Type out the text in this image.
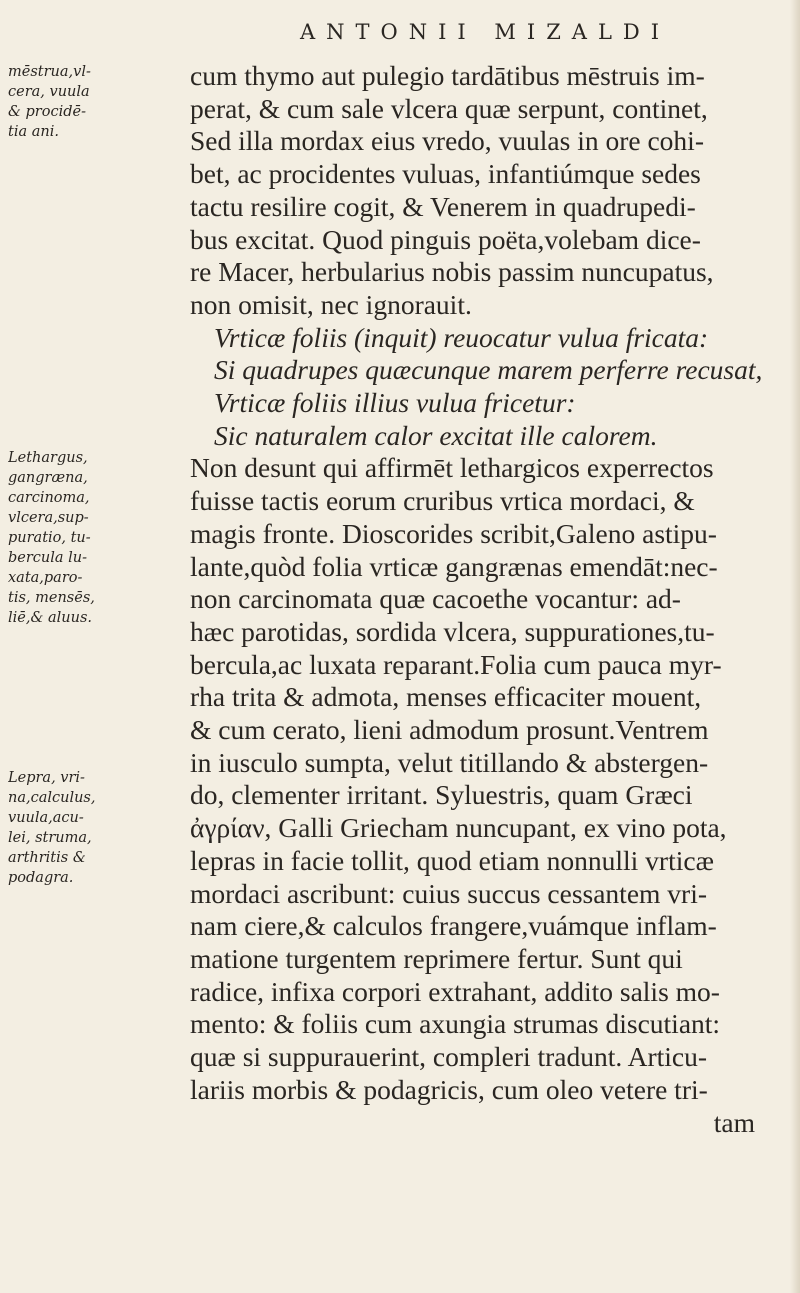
ANTONII MIZALDI
mēstrua,vl-
cera, vuula
& procidē-
tia ani.
Lethargus,
gangræna,
carcinoma,
vlcera,sup-
puratio, tu-
bercula lu-
xata,paro-
tis, mensēs,
liē,& aluus.
Lepra, vri-
na,calculus,
vuula,acu-
lei, struma,
arthritis &
podagra.
cum thymo aut pulegio tardātibus mēstruis im-
perat, & cum sale vlcera quæ serpunt, continet,
Sed illa mordax eius vredo, vuulas in ore cohi-
bet, ac procidentes vuluas, infantiúmque sedes
tactu resilire cogit, & Venerem in quadrupedi-
bus excitat. Quod pinguis poëta,volebam dice-
re Macer, herbularius nobis passim nuncupatus,
non omisit, nec ignorauit.
Vrticæ foliis (inquit) reuocatur vulua fricata:
Si quadrupes quæcunque marem perferre recusat,
Vrticæ foliis illius vulua fricetur:
Sic naturalem calor excitat ille calorem.
Non desunt qui affirmēt lethargicos experrectos
fuisse tactis eorum cruribus vrtica mordaci, &
magis fronte. Dioscorides scribit,Galeno astipu-
lante,quòd folia vrticæ gangrænas emendāt:nec-
non carcinomata quæ cacoethe vocantur: ad-
hæc parotidas, sordida vlcera, suppurationes,tu-
bercula,ac luxata reparant.Folia cum pauca myr-
rha trita & admota, menses efficaciter mouent,
& cum cerato, lieni admodum prosunt.Ventrem
in iusculo sumpta, velut titillando & abstergen-
do, clementer irritant. Syluestris, quam Græci
ἀγρίαν, Galli Griecham nuncupant, ex vino pota,
lepras in facie tollit, quod etiam nonnulli vrticæ
mordaci ascribunt: cuius succus cessantem vri-
nam ciere,& calculos frangere,vuámque inflam-
matione turgentem reprimere fertur. Sunt qui
radice, infixa corpori extrahant, addito salis mo-
mento: & foliis cum axungia strumas discutiant:
quæ si suppurauerint, compleri tradunt. Articu-
lariis morbis & podagricis, cum oleo vetere tri-
tam
